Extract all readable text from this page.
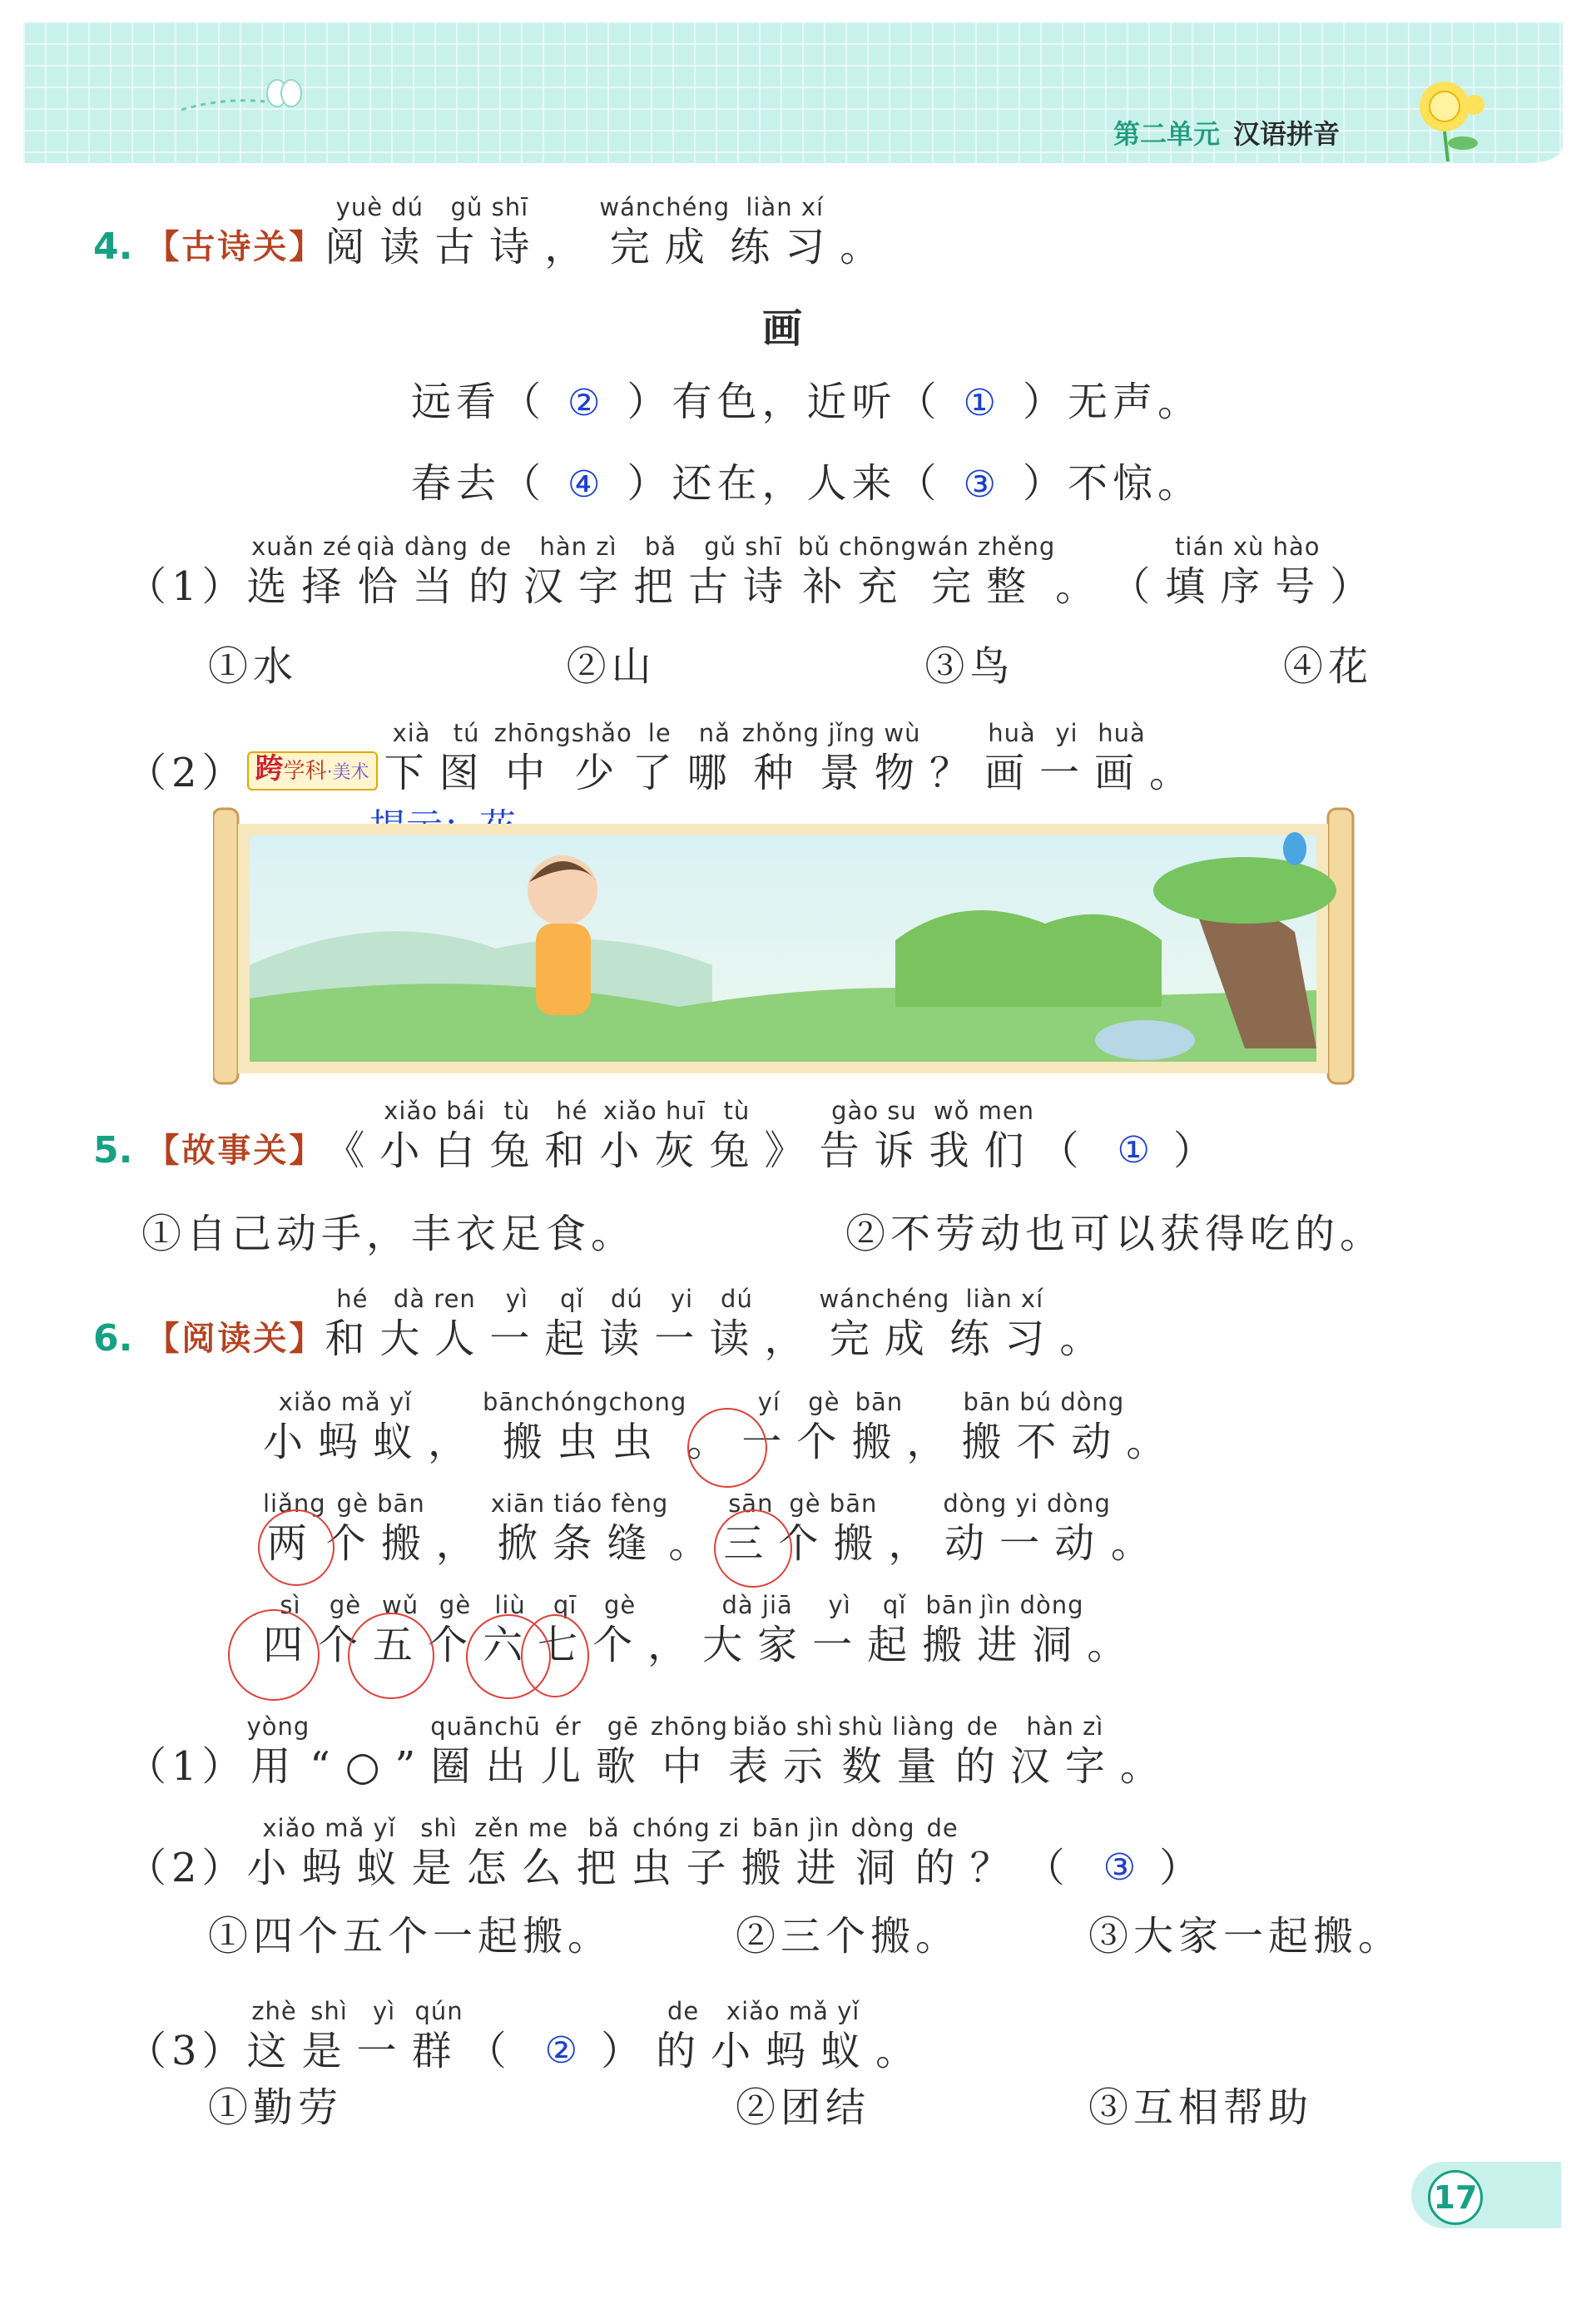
第二单元 汉语拼音
4. 【古诗关】
yuè dú
阅读
gǔ shī
古诗 ，
wánchéng
完成
liàn xí
练习 。
画
远看（ ② ）有色，近听（ ① ）无声。
春去（ ④ ）还在，人来（ ③ ）不惊。
（1）
xuǎn zé
选择
qià dàng
恰当
de
的
hàn zì
汉字
bǎ
把
gǔ shī
古诗
bǔ chōng
补充
wán zhěng
完整 。 （
tián xù hào
填序号 ）
①水	②山	③鸟	④花
（2） 跨学科·美术
xià
下
tú
图
zhōng
中
shǎo
少
le
了
nǎ
哪
zhǒng
种
jǐng wù
景物 ？
huà
画
yi
一
huà
画 。
5. 【故事关】 《
xiǎo bái
小白
tù
兔
hé
和
xiǎo huī
小灰
tù
兔 》
gào su
告诉
wǒ men
我们 （ ① ）
①自己动手，丰衣足食。	②不劳动也可以获得吃的。
6. 【阅读关】
hé
和
dà ren
大人
yì
一
qǐ
起
dú
读
yi
一
dú
读 ，
wánchéng
完成
liàn xí
练习 。
xiǎo mǎ yǐ
小蚂蚁 ，
bānchóngchong
搬虫虫 。
yí
一
gè
个
bān
搬 ，
bān bú dòng
搬不动 。
liǎng
两
gè bān
个搬 ，
xiān tiáo fèng
掀条缝 。
sān
三
gè bān
个搬 ，
dòng yi dòng
动一动 。
sì
四
gè
个
wǔ
五
gè
个
liù
六
qī
七
gè
个 ，
dà jiā
大家
yì
一
qǐ
起
bān
搬
jìn dòng
进洞 。
（1）
yòng
用 “○”
quānchū
圈出
ér
儿
gē
歌
zhōng
中
biǎo shì
表示
shù liàng
数量
de
的
hàn zì
汉字 。
（2）
xiǎo mǎ yǐ
小蚂蚁
shì
是
zěn me
怎么
bǎ
把
chóng zi
虫子
bān jìn
搬进
dòng
洞
de
的 ？ （ ③ ）
①四个五个一起搬。	②三个搬。	③大家一起搬。
（3）
zhè
这
shì
是
yì
一
qún
群 （ ② ）
de
的
xiǎo mǎ yǐ
小蚂蚁 。
①勤劳	②团结	③互相帮助
17
